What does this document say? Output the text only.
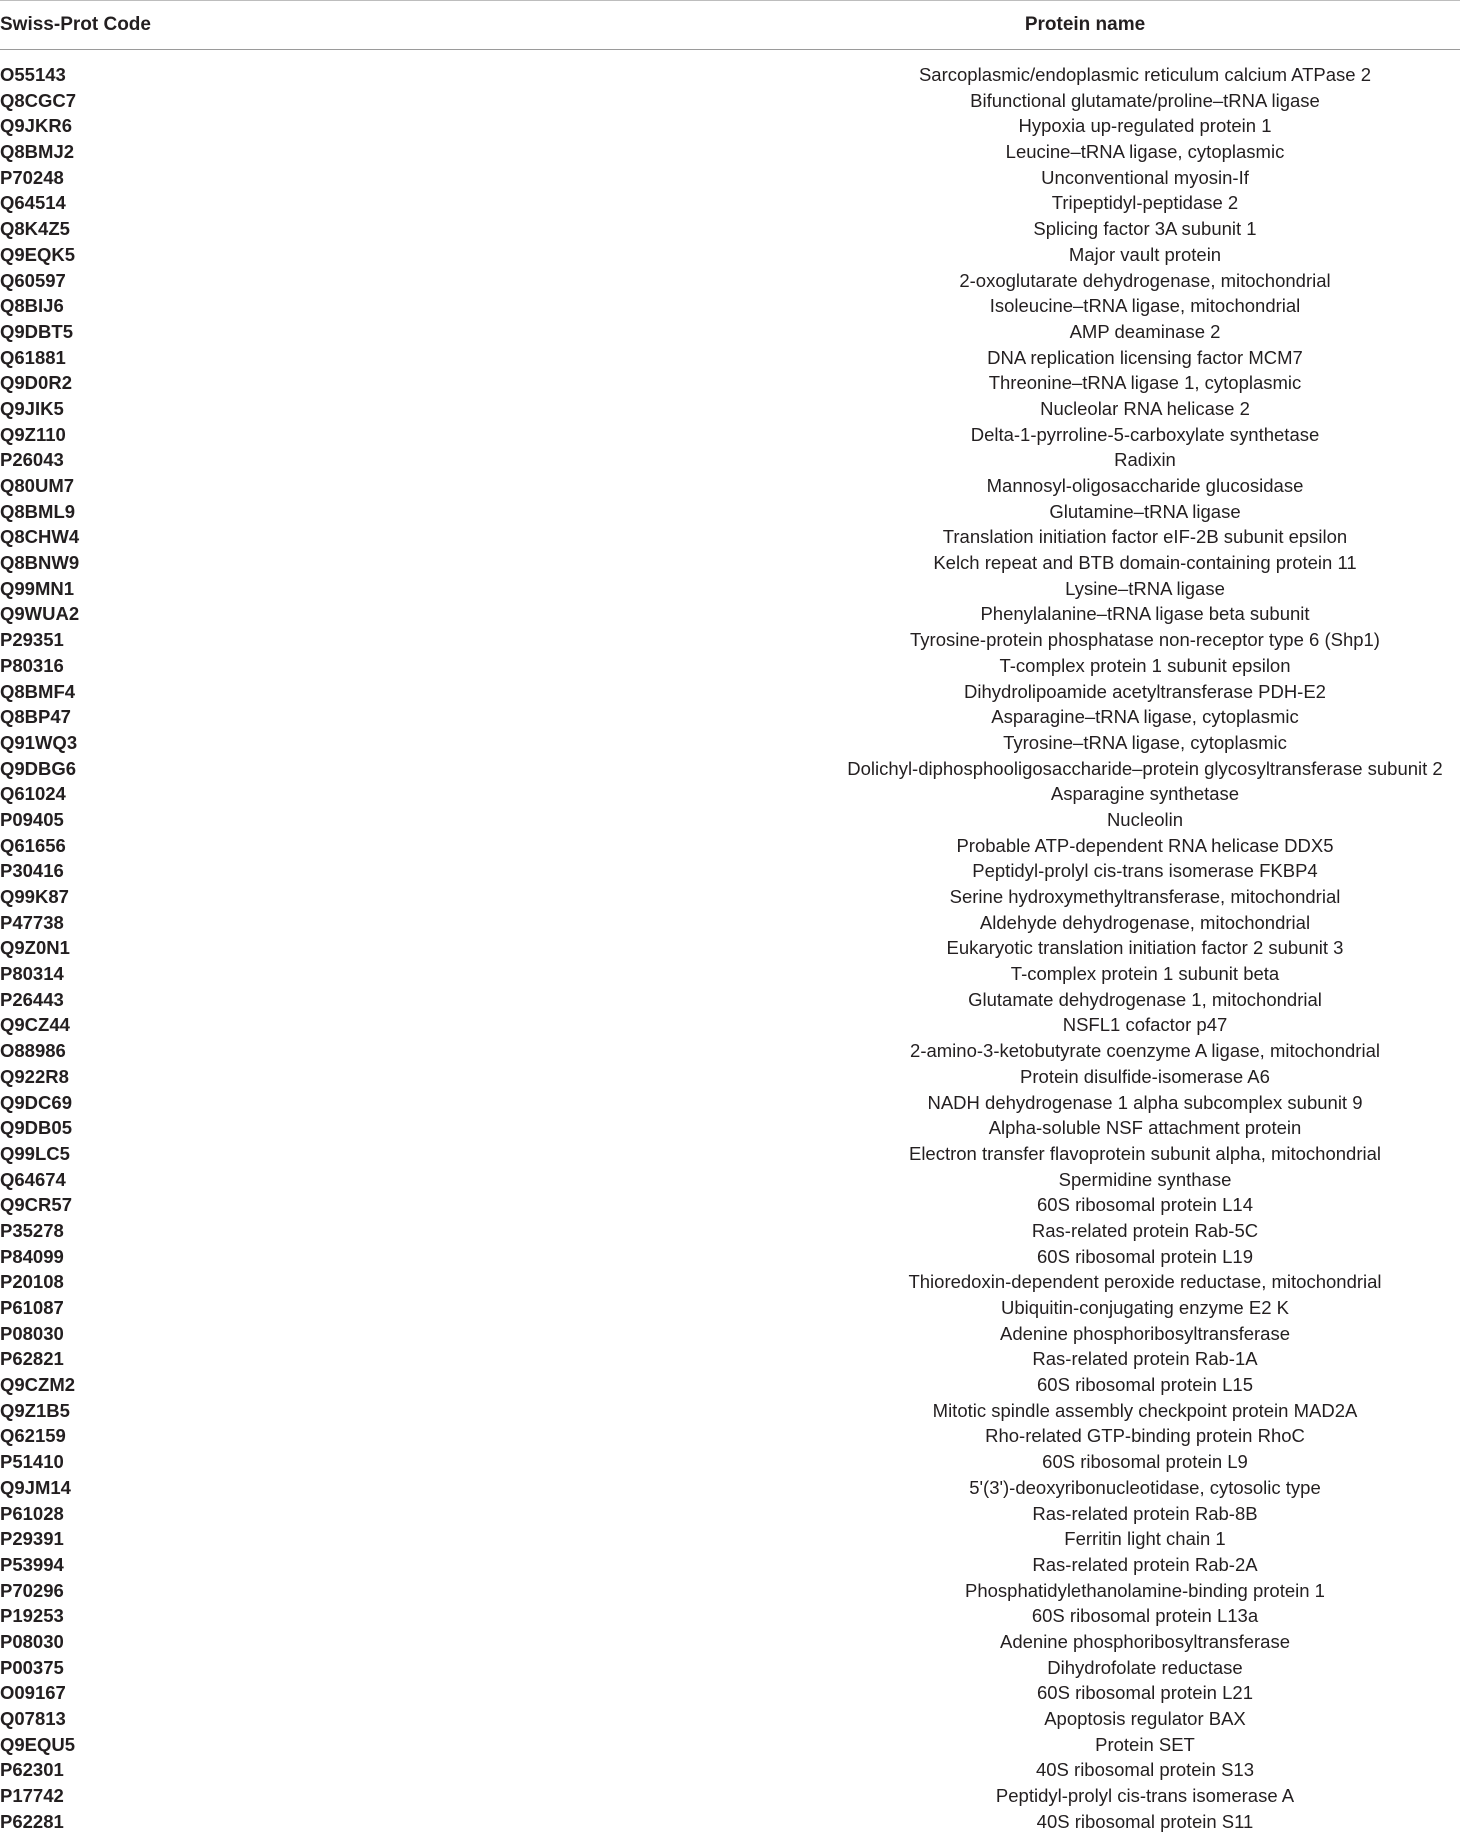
Swiss-Prot Code	Protein name
O55143	Sarcoplasmic/endoplasmic reticulum calcium ATPase 2
Q8CGC7	Bifunctional glutamate/proline–tRNA ligase
Q9JKR6	Hypoxia up-regulated protein 1
Q8BMJ2	Leucine–tRNA ligase, cytoplasmic
P70248	Unconventional myosin-If
Q64514	Tripeptidyl-peptidase 2
Q8K4Z5	Splicing factor 3A subunit 1
Q9EQK5	Major vault protein
Q60597	2-oxoglutarate dehydrogenase, mitochondrial
Q8BIJ6	Isoleucine–tRNA ligase, mitochondrial
Q9DBT5	AMP deaminase 2
Q61881	DNA replication licensing factor MCM7
Q9D0R2	Threonine–tRNA ligase 1, cytoplasmic
Q9JIK5	Nucleolar RNA helicase 2
Q9Z110	Delta-1-pyrroline-5-carboxylate synthetase
P26043	Radixin
Q80UM7	Mannosyl-oligosaccharide glucosidase
Q8BML9	Glutamine–tRNA ligase
Q8CHW4	Translation initiation factor eIF-2B subunit epsilon
Q8BNW9	Kelch repeat and BTB domain-containing protein 11
Q99MN1	Lysine–tRNA ligase
Q9WUA2	Phenylalanine–tRNA ligase beta subunit
P29351	Tyrosine-protein phosphatase non-receptor type 6 (Shp1)
P80316	T-complex protein 1 subunit epsilon
Q8BMF4	Dihydrolipoamide acetyltransferase PDH-E2
Q8BP47	Asparagine–tRNA ligase, cytoplasmic
Q91WQ3	Tyrosine–tRNA ligase, cytoplasmic
Q9DBG6	Dolichyl-diphosphooligosaccharide–protein glycosyltransferase subunit 2
Q61024	Asparagine synthetase
P09405	Nucleolin
Q61656	Probable ATP-dependent RNA helicase DDX5
P30416	Peptidyl-prolyl cis-trans isomerase FKBP4
Q99K87	Serine hydroxymethyltransferase, mitochondrial
P47738	Aldehyde dehydrogenase, mitochondrial
Q9Z0N1	Eukaryotic translation initiation factor 2 subunit 3
P80314	T-complex protein 1 subunit beta
P26443	Glutamate dehydrogenase 1, mitochondrial
Q9CZ44	NSFL1 cofactor p47
O88986	2-amino-3-ketobutyrate coenzyme A ligase, mitochondrial
Q922R8	Protein disulfide-isomerase A6
Q9DC69	NADH dehydrogenase 1 alpha subcomplex subunit 9
Q9DB05	Alpha-soluble NSF attachment protein
Q99LC5	Electron transfer flavoprotein subunit alpha, mitochondrial
Q64674	Spermidine synthase
Q9CR57	60S ribosomal protein L14
P35278	Ras-related protein Rab-5C
P84099	60S ribosomal protein L19
P20108	Thioredoxin-dependent peroxide reductase, mitochondrial
P61087	Ubiquitin-conjugating enzyme E2 K
P08030	Adenine phosphoribosyltransferase
P62821	Ras-related protein Rab-1A
Q9CZM2	60S ribosomal protein L15
Q9Z1B5	Mitotic spindle assembly checkpoint protein MAD2A
Q62159	Rho-related GTP-binding protein RhoC
P51410	60S ribosomal protein L9
Q9JM14	5'(3')-deoxyribonucleotidase, cytosolic type
P61028	Ras-related protein Rab-8B
P29391	Ferritin light chain 1
P53994	Ras-related protein Rab-2A
P70296	Phosphatidylethanolamine-binding protein 1
P19253	60S ribosomal protein L13a
P08030	Adenine phosphoribosyltransferase
P00375	Dihydrofolate reductase
O09167	60S ribosomal protein L21
Q07813	Apoptosis regulator BAX
Q9EQU5	Protein SET
P62301	40S ribosomal protein S13
P17742	Peptidyl-prolyl cis-trans isomerase A
P62281	40S ribosomal protein S11
